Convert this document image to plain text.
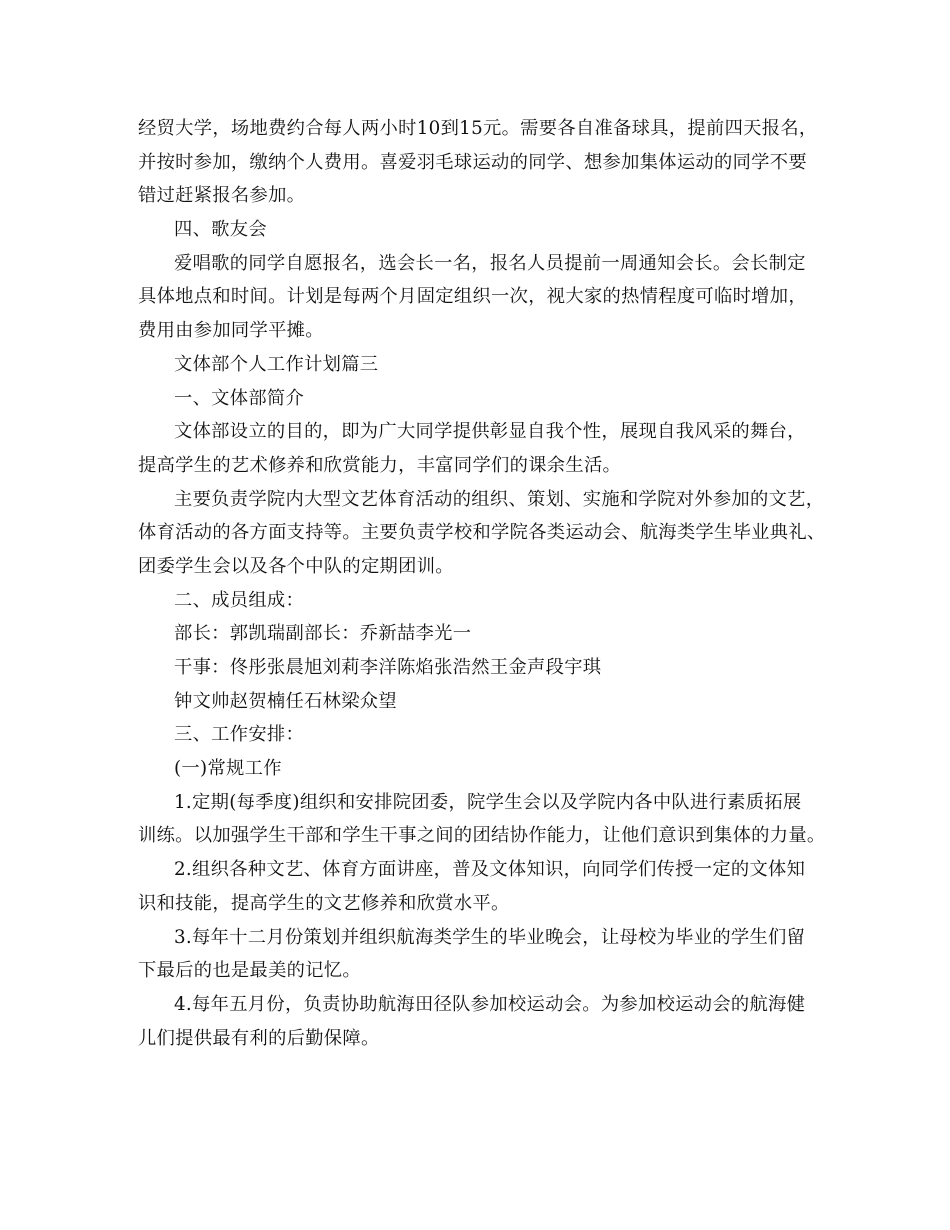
经贸大学，场地费约合每人两小时10到15元。需要各自准备球具，提前四天报名，
并按时参加，缴纳个人费用。喜爱羽毛球运动的同学、想参加集体运动的同学不要
错过赶紧报名参加。
四、歌友会
爱唱歌的同学自愿报名，选会长一名，报名人员提前一周通知会长。会长制定
具体地点和时间。计划是每两个月固定组织一次，视大家的热情程度可临时增加，
费用由参加同学平摊。
文体部个人工作计划篇三
一、文体部简介
文体部设立的目的，即为广大同学提供彰显自我个性，展现自我风采的舞台，
提高学生的艺术修养和欣赏能力，丰富同学们的课余生活。
主要负责学院内大型文艺体育活动的组织、策划、实施和学院对外参加的文艺，
体育活动的各方面支持等。主要负责学校和学院各类运动会、航海类学生毕业典礼、
团委学生会以及各个中队的定期团训。
二、成员组成：
部长：郭凯瑞副部长：乔新喆李光一
干事：佟彤张晨旭刘莉李洋陈焰张浩然王金声段宇琪
钟文帅赵贺楠任石林梁众望
三、工作安排：
(一)常规工作
1.定期(每季度)组织和安排院团委，院学生会以及学院内各中队进行素质拓展
训练。以加强学生干部和学生干事之间的团结协作能力，让他们意识到集体的力量。
2.组织各种文艺、体育方面讲座，普及文体知识，向同学们传授一定的文体知
识和技能，提高学生的文艺修养和欣赏水平。
3.每年十二月份策划并组织航海类学生的毕业晚会，让母校为毕业的学生们留
下最后的也是最美的记忆。
4.每年五月份，负责协助航海田径队参加校运动会。为参加校运动会的航海健
儿们提供最有利的后勤保障。
